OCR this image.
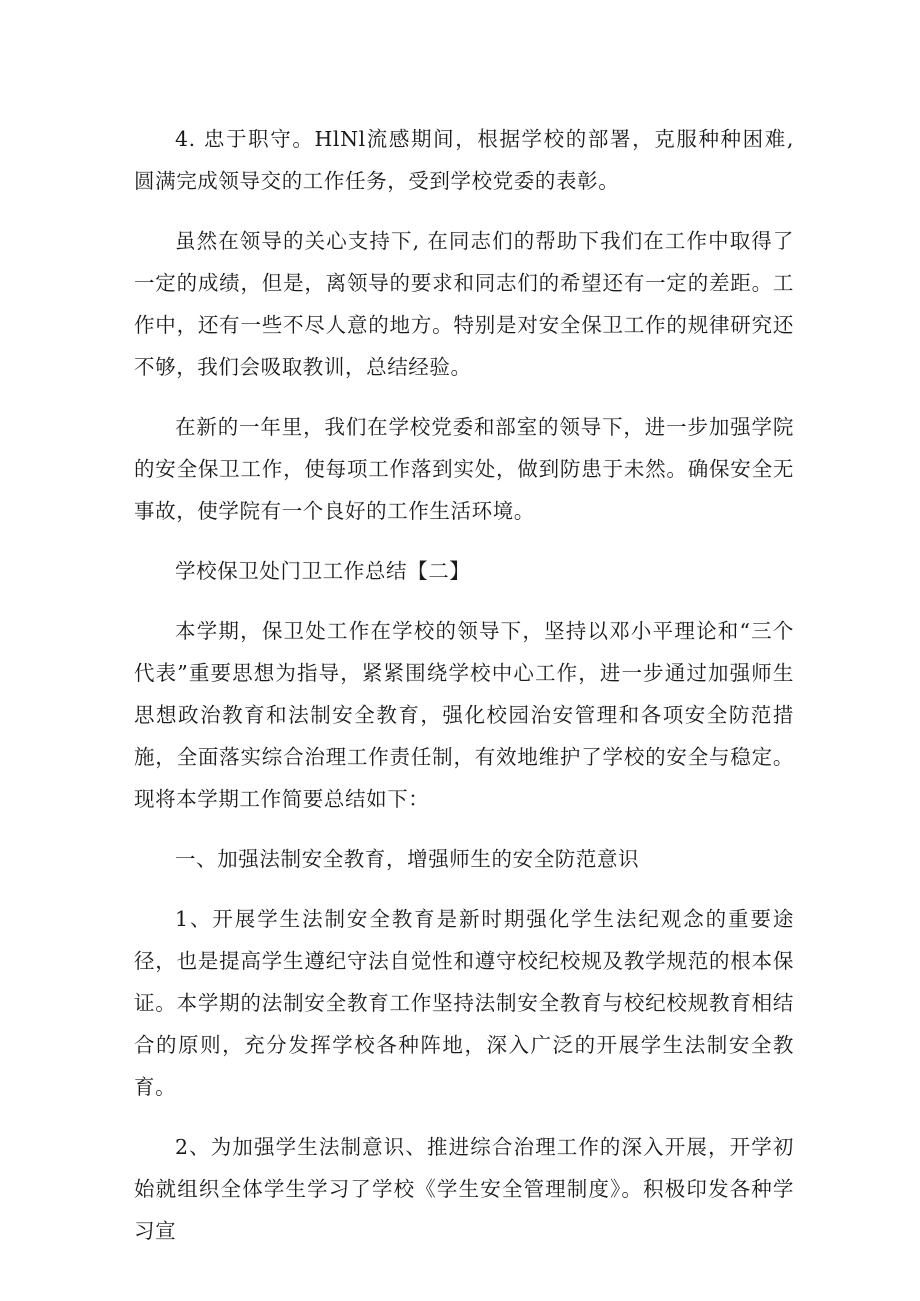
4. 忠于职守。HlNl流感期间，根据学校的部署，克服种种困难, 圆满完成领导交的工作任务，受到学校党委的表彰。

虽然在领导的关心支持下, 在同志们的帮助下我们在工作中取得了一定的成绩，但是，离领导的要求和同志们的希望还有一定的差距。工作中，还有一些不尽人意的地方。特别是对安全保卫工作的规律研究还不够，我们会吸取教训，总结经验。

在新的一年里，我们在学校党委和部室的领导下，进一步加强学院的安全保卫工作，使每项工作落到实处，做到防患于未然。确保安全无事故，使学院有一个良好的工作生活环境。

学校保卫处门卫工作总结【二】

本学期，保卫处工作在学校的领导下，坚持以邓小平理论和“三个代表”重要思想为指导，紧紧围绕学校中心工作，进一步通过加强师生思想政治教育和法制安全教育，强化校园治安管理和各项安全防范措施，全面落实综合治理工作责任制，有效地维护了学校的安全与稳定。现将本学期工作简要总结如下：

一、加强法制安全教育，增强师生的安全防范意识

1、开展学生法制安全教育是新时期强化学生法纪观念的重要途径，也是提高学生遵纪守法自觉性和遵守校纪校规及教学规范的根本保证。本学期的法制安全教育工作坚持法制安全教育与校纪校规教育相结合的原则，充分发挥学校各种阵地，深入广泛的开展学生法制安全教育。

2、为加强学生法制意识、推进综合治理工作的深入开展，开学初始就组织全体学生学习了学校《学生安全管理制度》。积极印发各种学习宣
